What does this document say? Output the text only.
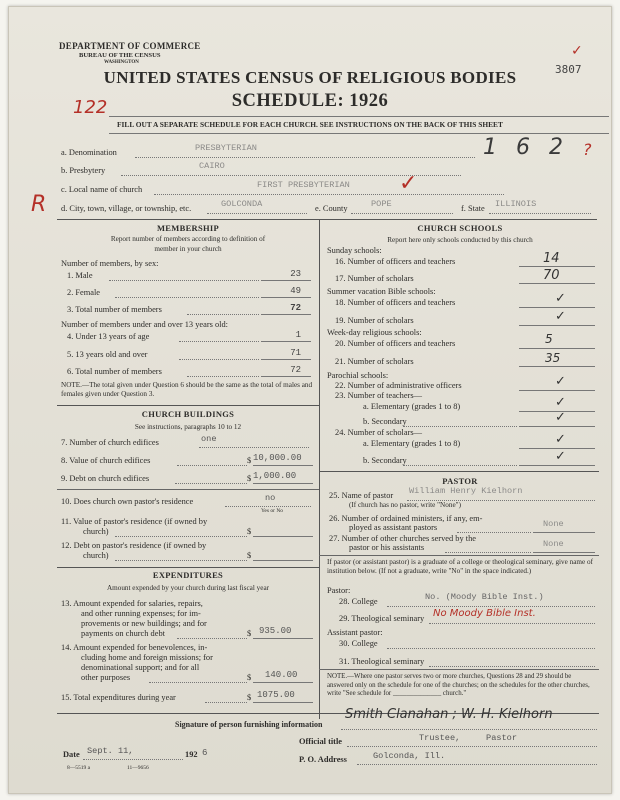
DEPARTMENT OF COMMERCE
BUREAU OF THE CENSUS
WASHINGTON
UNITED STATES CENSUS OF RELIGIOUS BODIES
SCHEDULE: 1926
3807
✓
122
FILL OUT A SEPARATE SCHEDULE FOR EACH CHURCH. SEE INSTRUCTIONS ON THE BACK OF THIS SHEET
a. Denomination	PRESBYTERIAN	1 6 2 ?
b. Presbytery	CAIRO
c. Local name of church	FIRST PRESBYTERIAN ✓
R d. City, town, village, or township, etc.	GOLCONDA	e. County	POPE	f. State ILLINOIS
MEMBERSHIP
Report number of members according to definition of
member in your church
Number of members, by sex:
1. Male	23
2. Female	49
3. Total number of members	72
Number of members under and over 13 years old:
4. Under 13 years of age	1
5. 13 years old and over	71
6. Total number of members	72
NOTE.—The total given under Question 6 should be the same as the total of males and females given under Question 3.
CHURCH BUILDINGS
See instructions, paragraphs 10 to 12
7. Number of church edifices	one
8. Value of church edifices	$ 10,000.00
9. Debt on church edifices	$ 1,000.00
10. Does church own pastor's residence	no
Yes or No
11. Value of pastor's residence (if owned by
church)	$
12. Debt on pastor's residence (if owned by
church)	$
EXPENDITURES
Amount expended by your church during last fiscal year
13. Amount expended for salaries, repairs,
and other running expenses; for im-
provements or new buildings; and for
payments on church debt	$ 935.00
14. Amount expended for benevolences, in-
cluding home and foreign missions; for
denominational support; and for all
other purposes	$ 140.00
15. Total expenditures during year	$ 1075.00
CHURCH SCHOOLS
Report here only schools conducted by this church
Sunday schools:
16. Number of officers and teachers	14
17. Number of scholars	70
Summer vacation Bible schools:
18. Number of officers and teachers	✓
19. Number of scholars	✓
Week-day religious schools:
20. Number of officers and teachers	5
21. Number of scholars	35
Parochial schools:
22. Number of administrative officers	✓
23. Number of teachers—
a. Elementary (grades 1 to 8)	✓
b. Secondary	✓
24. Number of scholars—
a. Elementary (grades 1 to 8)	✓
b. Secondary	✓
PASTOR
25. Name of pastor William Henry Kielhorn
(If church has no pastor, write "None")
26. Number of ordained ministers, if any, em-
ployed as assistant pastors	None
27. Number of other churches served by the
pastor or his assistants	None
If pastor (or assistant pastor) is a graduate of a college or theological seminary, give name of institution below. (If not a graduate, write "No" in the space indicated.)
Pastor:
28. College	No. (Moody Bible Inst.)
29. Theological seminary No Moody Bible Inst.
Assistant pastor:
30. College
31. Theological seminary
NOTE.—Where one pastor serves two or more churches, Questions 28 and 29 should be answered only on the schedule for one of the churches; on the schedules for the other churches, write "See schedule for ______________ church."
Signature of person furnishing information
Smith Clanahan ; W. H. Kielhorn
Date Sept. 11,	192 6
8—5519 a	11—9656
Official title	Trustee,     Pastor
P. O. Address	Golconda, Ill.
